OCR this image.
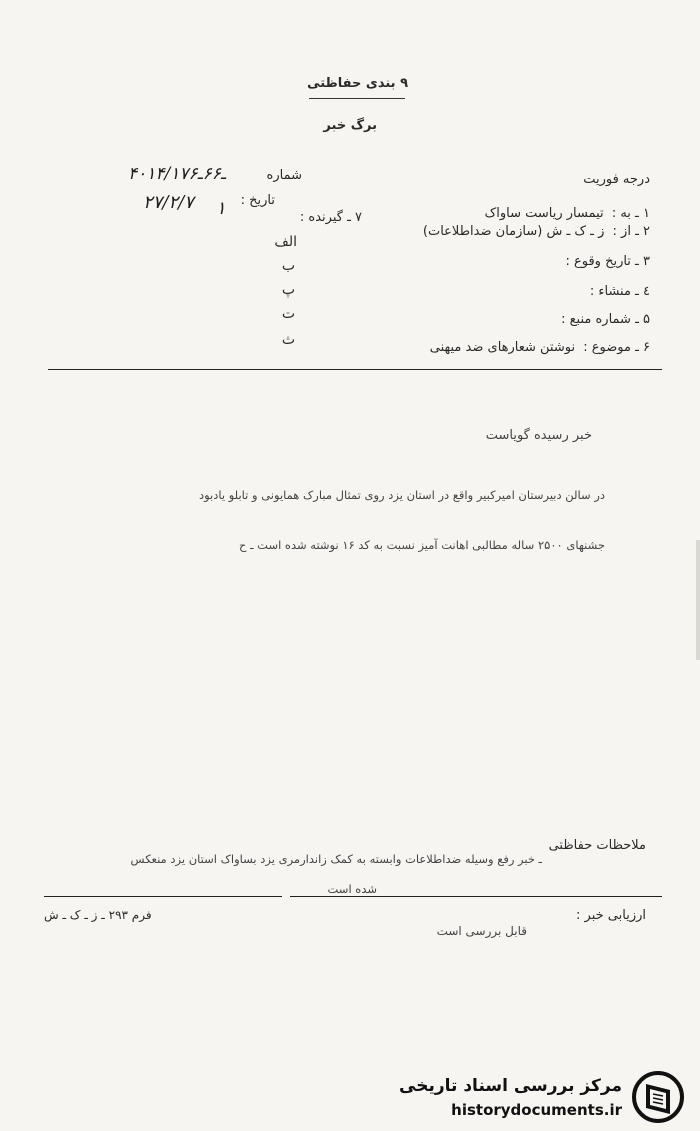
۹ بندی حفاظتی
برگ خبر
درجه فوریت
شماره
۴۰۱ـ۶۶ـ۴/۱۷۶
تاریخ :
۲۷/۲/۷ ۱	۱ ـ به : تیمسار ریاست ساواک
۲ ـ از : ز ـ ک ـ ش (سازمان ضداطلاعات)
۳ ـ تاریخ وقوع :
٤ ـ منشاء :
۵ ـ شماره منبع :
۶ ـ موضوع : نوشتن شعارهای ضد میهنی
۷ ـ گیرنده :
الف
ب
پ
ت
ث
خبر رسیده گویاست
در سالن دبیرستان امیرکبیر واقع در استان یزد روی تمثال مبارک همایونی و تابلو یادبود
جشنهای ۲۵۰۰ ساله مطالبی اهانت آمیز نسبت به کد ۱۶ نوشته شده است ـ ح
ملاحظات حفاظتی
ـ خبر رفع وسیله ضداطلاعات وابسته به کمک زاندارمری یزد بساواک استان یزد منعکس
شده است
ارزیابی خبر :
قابل بررسی است
فرم ۲۹۳ ـ ز ـ ک ـ ش
مرکز بررسی اسناد تاریخی
historydocuments.ir
